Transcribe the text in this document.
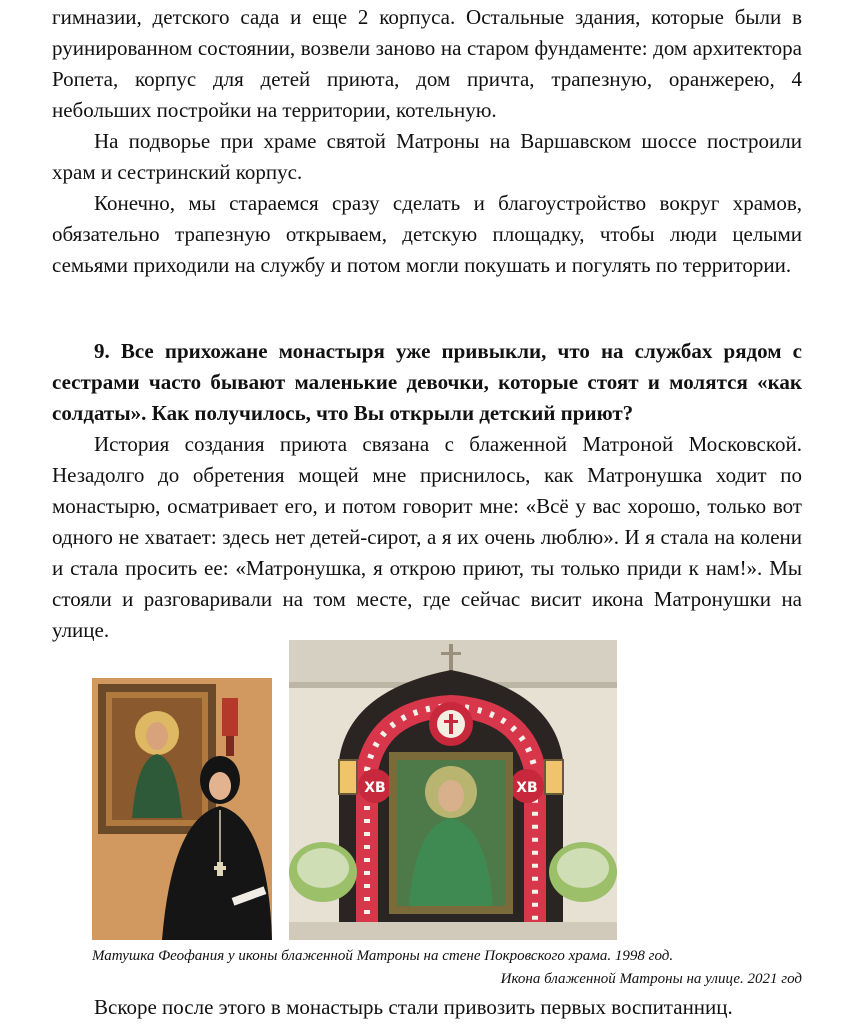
гимназии, детского сада и еще 2 корпуса. Остальные здания, которые были в руинированном состоянии, возвели заново на старом фундаменте: дом архитектора Ропета, корпус для детей приюта, дом причта, трапезную, оранжерею, 4 небольших постройки на территории, котельную.

На подворье при храме святой Матроны на Варшавском шоссе построили храм и сестринский корпус.

Конечно, мы стараемся сразу сделать и благоустройство вокруг храмов, обязательно трапезную открываем, детскую площадку, чтобы люди целыми семьями приходили на службу и потом могли покушать и погулять по территории.

9. Все прихожане монастыря уже привыкли, что на службах рядом с сестрами часто бывают маленькие девочки, которые стоят и молятся «как солдаты». Как получилось, что Вы открыли детский приют?

История создания приюта связана с блаженной Матроной Московской. Незадолго до обретения мощей мне приснилось, как Матронушка ходит по монастырю, осматривает его, и потом говорит мне: «Всё у вас хорошо, только вот одного не хватает: здесь нет детей-сирот, а я их очень люблю». И я стала на колени и стала просить ее: «Матронушка, я открою приют, ты только приди к нам!». Мы стояли и разговаривали на том месте, где сейчас висит икона Матронушки на улице.

ХВ	ХВ
Матушка Феофания у иконы блаженной Матроны на стене Покровского храма. 1998 год.
Икона блаженной Матроны на улице. 2021 год

Вскоре после этого в монастырь стали привозить первых воспитанниц.
